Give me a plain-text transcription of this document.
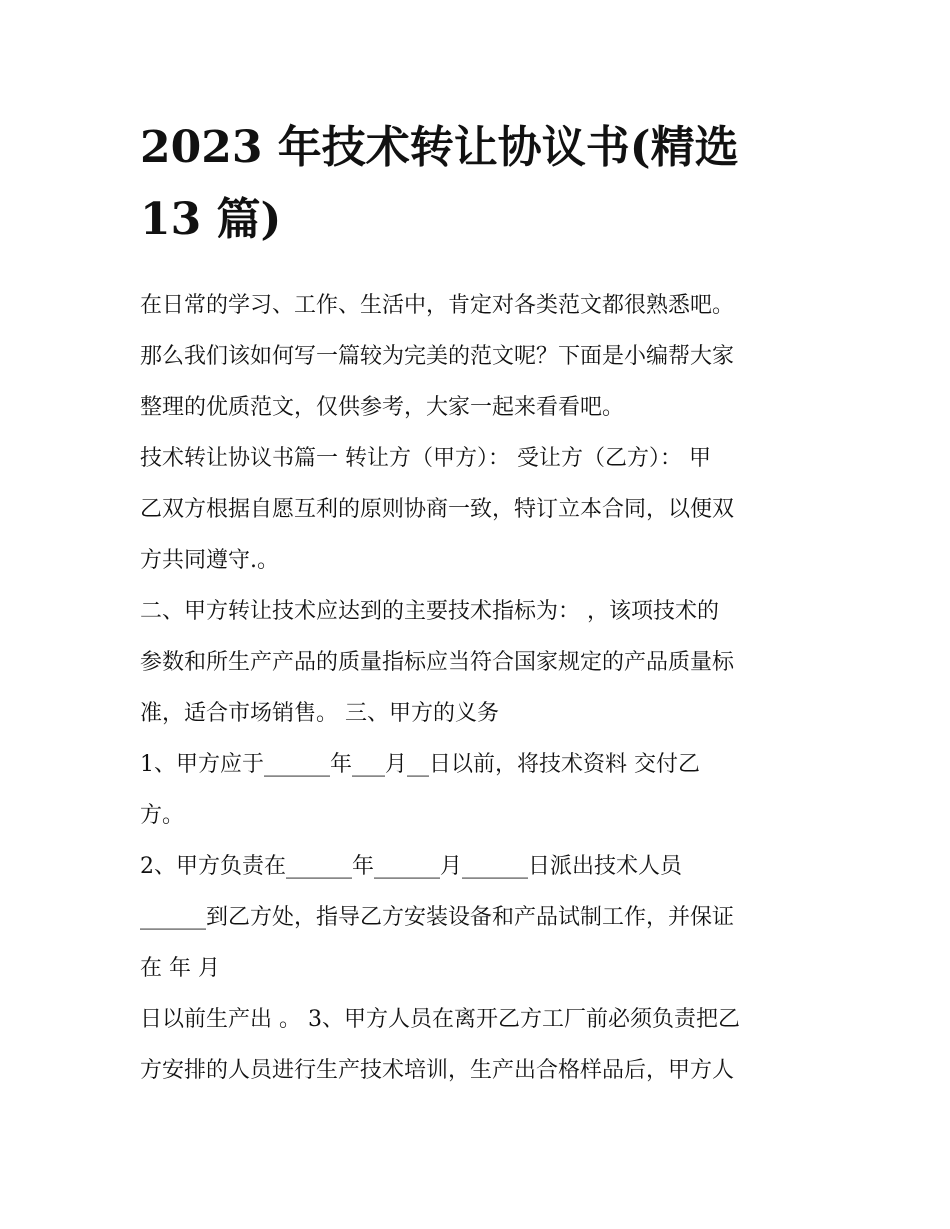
2023 年技术转让协议书(精选
13 篇)
在日常的学习、工作、生活中，肯定对各类范文都很熟悉吧。
那么我们该如何写一篇较为完美的范文呢？下面是小编帮大家
整理的优质范文，仅供参考，大家一起来看看吧。
技术转让协议书篇一 转让方（甲方）： 受让方（乙方）： 甲
乙双方根据自愿互利的原则协商一致，特订立本合同，以便双
方共同遵守.。
二、甲方转让技术应达到的主要技术指标为： ，该项技术的
参数和所生产产品的质量指标应当符合国家规定的产品质量标
准，适合市场销售。 三、甲方的义务
1、甲方应于______年___月__日以前，将技术资料 交付乙
方。
2、甲方负责在______年______月______日派出技术人员
______到乙方处，指导乙方安装设备和产品试制工作，并保证
在 年 月
日以前生产出 。 3、甲方人员在离开乙方工厂前必须负责把乙
方安排的人员进行生产技术培训，生产出合格样品后，甲方人
